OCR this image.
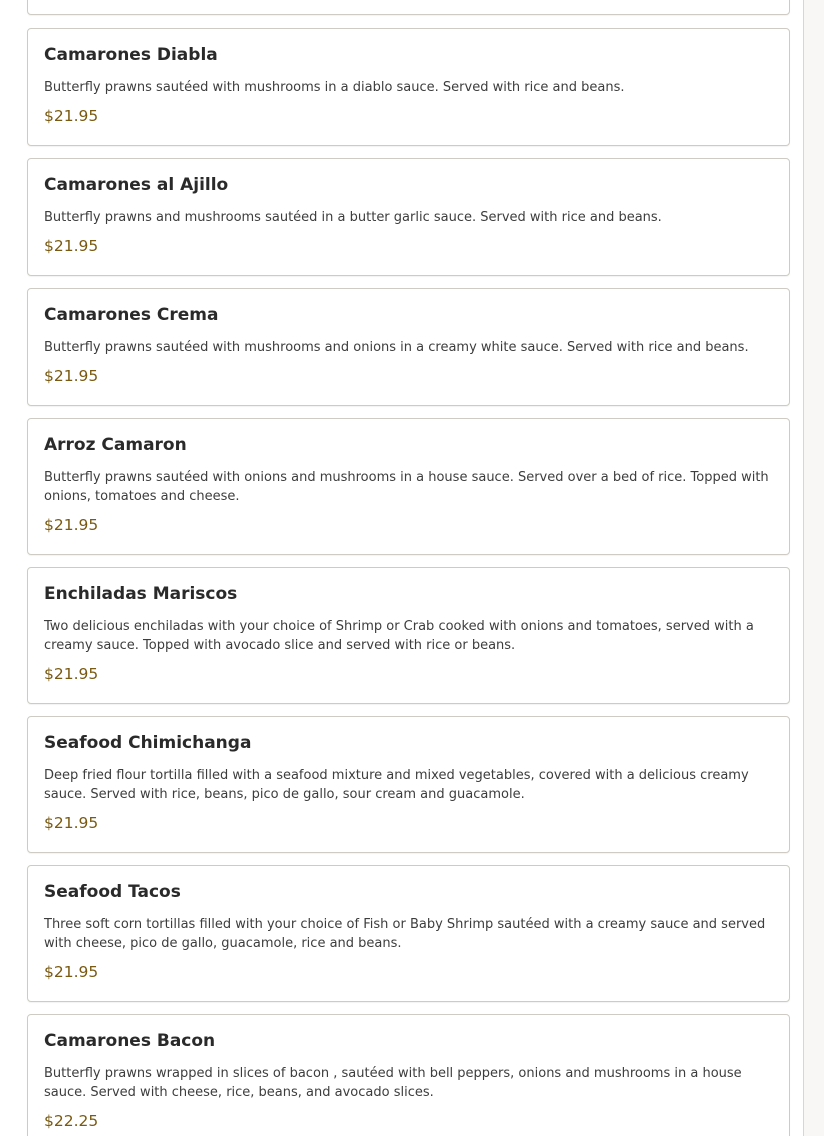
Camarones Diabla
Butterfly prawns sautéed with mushrooms in a diablo sauce. Served with rice and beans.
$21.95
Camarones al Ajillo
Butterfly prawns and mushrooms sautéed in a butter garlic sauce. Served with rice and beans.
$21.95
Camarones Crema
Butterfly prawns sautéed with mushrooms and onions in a creamy white sauce. Served with rice and beans.
$21.95
Arroz Camaron
Butterfly prawns sautéed with onions and mushrooms in a house sauce. Served over a bed of rice. Topped with onions, tomatoes and cheese.
$21.95
Enchiladas Mariscos
Two delicious enchiladas with your choice of Shrimp or Crab cooked with onions and tomatoes, served with a creamy sauce. Topped with avocado slice and served with rice or beans.
$21.95
Seafood Chimichanga
Deep fried flour tortilla filled with a seafood mixture and mixed vegetables, covered with a delicious creamy sauce. Served with rice, beans, pico de gallo, sour cream and guacamole.
$21.95
Seafood Tacos
Three soft corn tortillas filled with your choice of Fish or Baby Shrimp sautéed with a creamy sauce and served with cheese, pico de gallo, guacamole, rice and beans.
$21.95
Camarones Bacon
Butterfly prawns wrapped in slices of bacon , sautéed with bell peppers, onions and mushrooms in a house sauce. Served with cheese, rice, beans, and avocado slices.
$22.25
